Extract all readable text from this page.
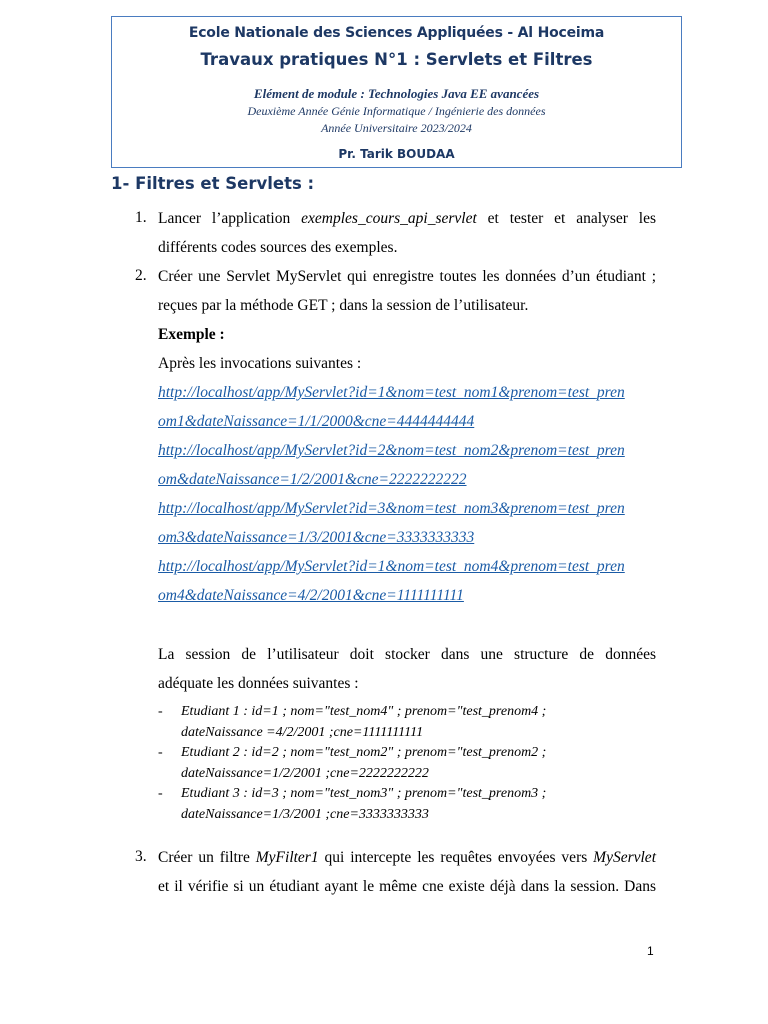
Ecole Nationale des Sciences Appliquées - Al Hoceima
Travaux pratiques N°1 : Servlets et Filtres
Elément de module : Technologies Java EE avancées
Deuxième Année Génie Informatique / Ingénierie des données
Année Universitaire 2023/2024
Pr. Tarik BOUDAA
1- Filtres et Servlets :
1. Lancer l’application exemples_cours_api_servlet et tester et analyser les
différents codes sources des exemples.
2. Créer une Servlet MyServlet qui enregistre toutes les données d’un étudiant ;
reçues par la méthode GET ; dans la session de l’utilisateur.
Exemple :
Après les invocations suivantes :
http://localhost/app/MyServlet?id=1&nom=test_nom1&prenom=test_pren
om1&dateNaissance=1/1/2000&cne=4444444444
http://localhost/app/MyServlet?id=2&nom=test_nom2&prenom=test_pren
om&dateNaissance=1/2/2001&cne=2222222222
http://localhost/app/MyServlet?id=3&nom=test_nom3&prenom=test_pren
om3&dateNaissance=1/3/2001&cne=3333333333
http://localhost/app/MyServlet?id=1&nom=test_nom4&prenom=test_pren
om4&dateNaissance=4/2/2001&cne=1111111111
La session de l’utilisateur doit stocker dans une structure de données
adéquate les données suivantes :
-	Etudiant 1 : id=1 ; nom="test_nom4" ; prenom="test_prenom4 ;
dateNaissance =4/2/2001 ;cne=1111111111
-	Etudiant 2 : id=2 ; nom="test_nom2" ; prenom="test_prenom2 ;
dateNaissance=1/2/2001 ;cne=2222222222
-	Etudiant 3 : id=3 ; nom="test_nom3" ; prenom="test_prenom3 ;
dateNaissance=1/3/2001 ;cne=3333333333
3. Créer un filtre MyFilter1 qui intercepte les requêtes envoyées vers MyServlet
et il vérifie si un étudiant ayant le même cne existe déjà dans la session. Dans
1
